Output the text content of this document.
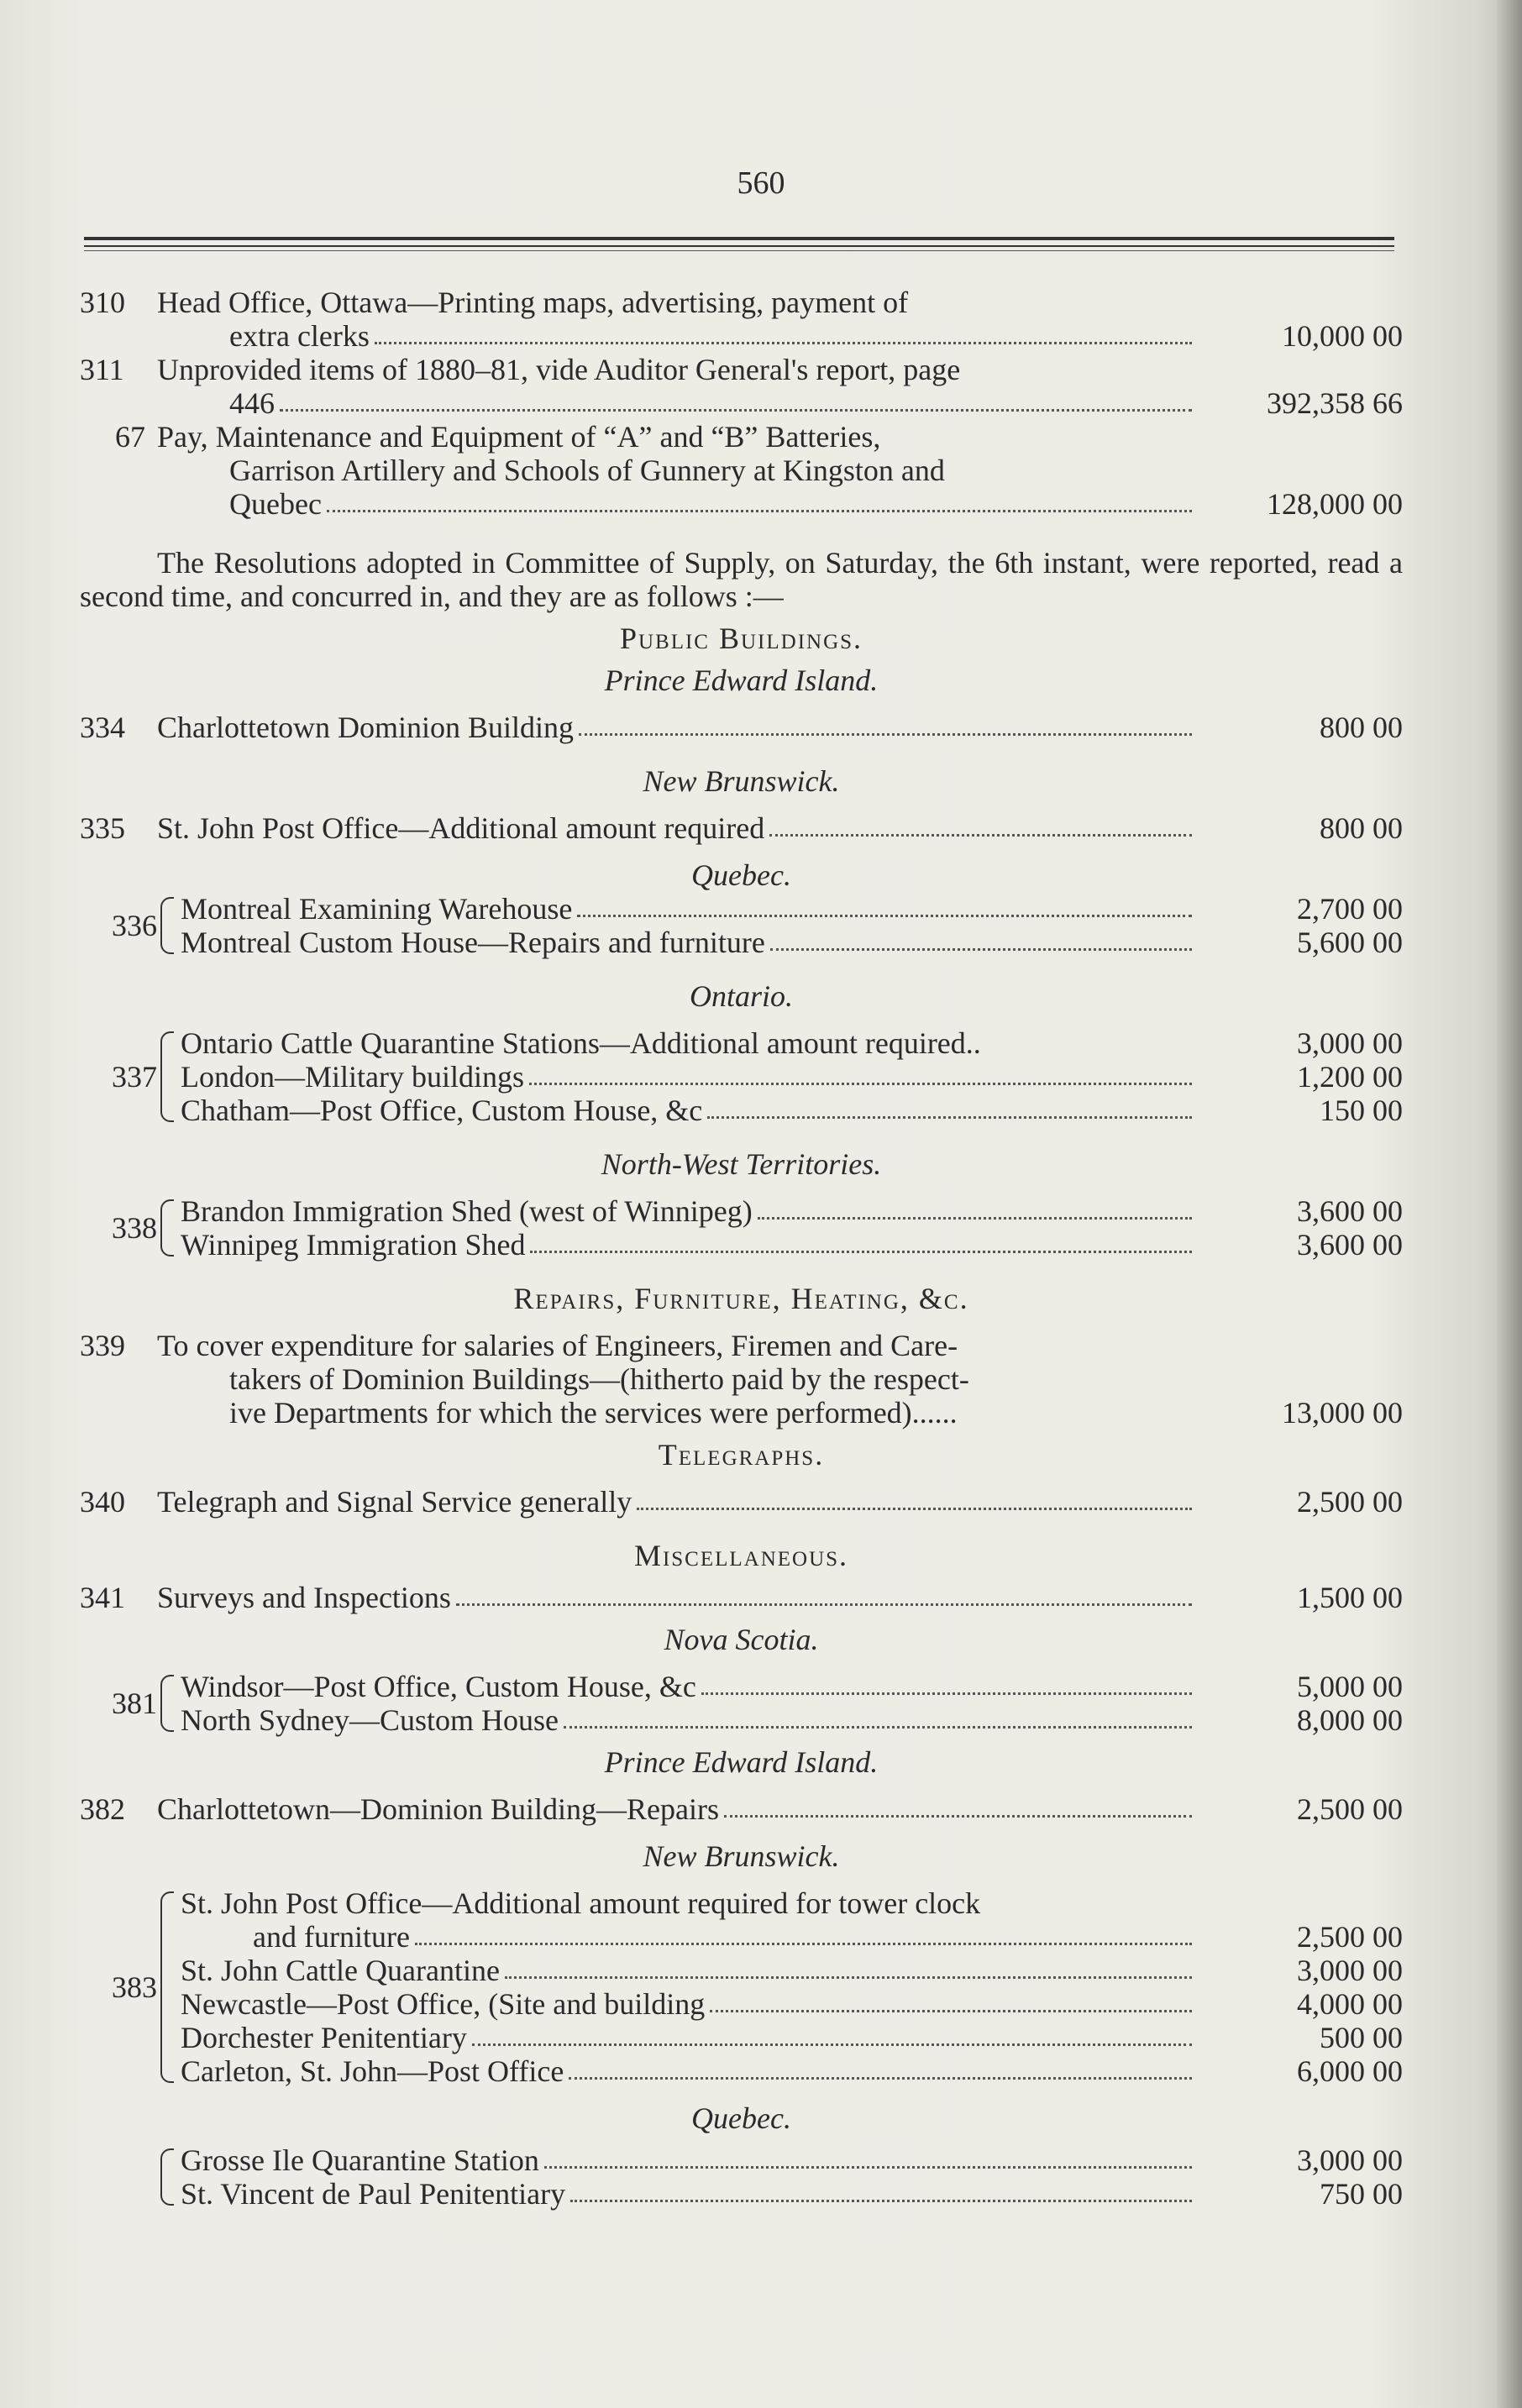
560
310	Head Office, Ottawa—Printing maps, advertising, payment of
extra clerks	10,000 00
311	Unprovided items of 1880–81, vide Auditor General's report, page
446	392,358 66
67 Pay, Maintenance and Equipment of “A” and “B” Batteries,
Garrison Artillery and Schools of Gunnery at Kingston and
Quebec	128,000 00
The Resolutions adopted in Committee of Supply, on Saturday, the 6th instant, were reported, read a second time, and concurred in, and they are as follows :—
Public Buildings.
Prince Edward Island.
334	Charlottetown Dominion Building	800 00
New Brunswick.
335	St. John Post Office—Additional amount required	800 00
Quebec.
336 Montreal Examining Warehouse	2,700 00
Montreal Custom House—Repairs and furniture	5,600 00
Ontario.
337
Ontario Cattle Quarantine Stations—Additional amount required..	3,000 00
London—Military buildings	1,200 00
Chatham—Post Office, Custom House, &c	150 00
North-West Territories.
338 Brandon Immigration Shed (west of Winnipeg)	3,600 00
Winnipeg Immigration Shed	3,600 00
Repairs, Furniture, Heating, &c.
339	To cover expenditure for salaries of Engineers, Firemen and Care-
takers of Dominion Buildings—(hitherto paid by the respect-
ive Departments for which the services were performed)......	13,000 00
Telegraphs.
340	Telegraph and Signal Service generally	2,500 00
Miscellaneous.
341	Surveys and Inspections	1,500 00
Nova Scotia.
381 Windsor—Post Office, Custom House, &c	5,000 00
North Sydney—Custom House	8,000 00
Prince Edward Island.
382	Charlottetown—Dominion Building—Repairs	2,500 00
New Brunswick.
383
St. John Post Office—Additional amount required for tower clock
and furniture	2,500 00
St. John Cattle Quarantine	3,000 00
Newcastle—Post Office, (Site and building	4,000 00
Dorchester Penitentiary	500 00
Carleton, St. John—Post Office	6,000 00
Quebec.
Grosse Ile Quarantine Station	3,000 00
St. Vincent de Paul Penitentiary	750 00
